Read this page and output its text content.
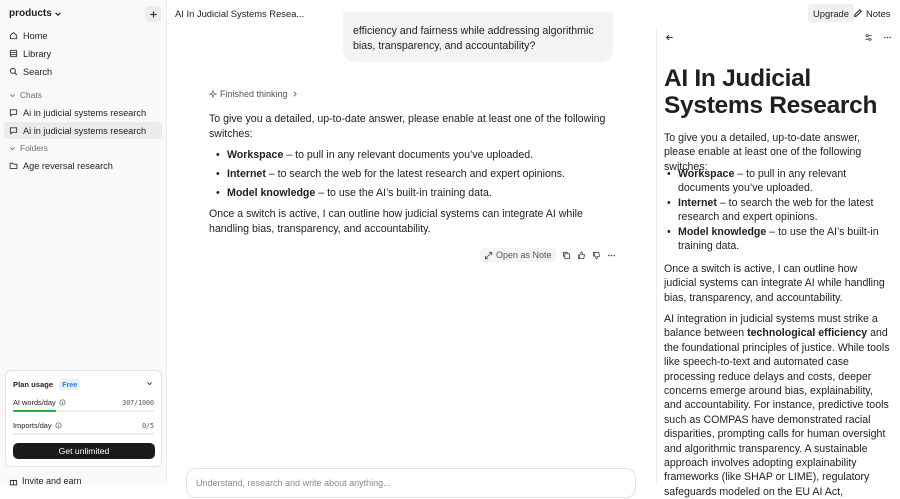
products
Home
Library
Search
Chats
Ai in judicial systems research
Ai in judicial systems research
Folders
Age reversal research
Plan usage	Free
AI words/day	307/1000
Imports/day	0/5
Get unlimited
Invite and earn
AI In Judicial Systems Resea...
efficiency and fairness while addressing algorithmic bias, transparency, and accountability?
Finished thinking

To give you a detailed, up-to-date answer, please enable at least one of the following switches:

• Workspace – to pull in any relevant documents you’ve uploaded.
• Internet – to search the web for the latest research and expert opinions.
• Model knowledge – to use the AI’s built-in training data.

Once a switch is active, I can outline how judicial systems can integrate AI while handling bias, transparency, and accountability.

Open as Note
Understand, research and write about anything...
Upgrade	Notes
AI In Judicial Systems Research

To give you a detailed, up-to-date answer, please enable at least one of the following switches:

• Workspace – to pull in any relevant documents you’ve uploaded.
• Internet – to search the web for the latest research and expert opinions.
• Model knowledge – to use the AI’s built-in training data.

Once a switch is active, I can outline how judicial systems can integrate AI while handling bias, transparency, and accountability.

AI integration in judicial systems must strike a balance between technological efficiency and the foundational principles of justice. While tools like speech-to-text and automated case processing reduce delays and costs, deeper concerns emerge around bias, explainability, and accountability. For instance, predictive tools such as COMPAS have demonstrated racial disparities, prompting calls for human oversight and algorithmic transparency. A sustainable approach involves adopting explainability frameworks (like SHAP or LIME), regulatory safeguards modeled on the EU AI Act,
